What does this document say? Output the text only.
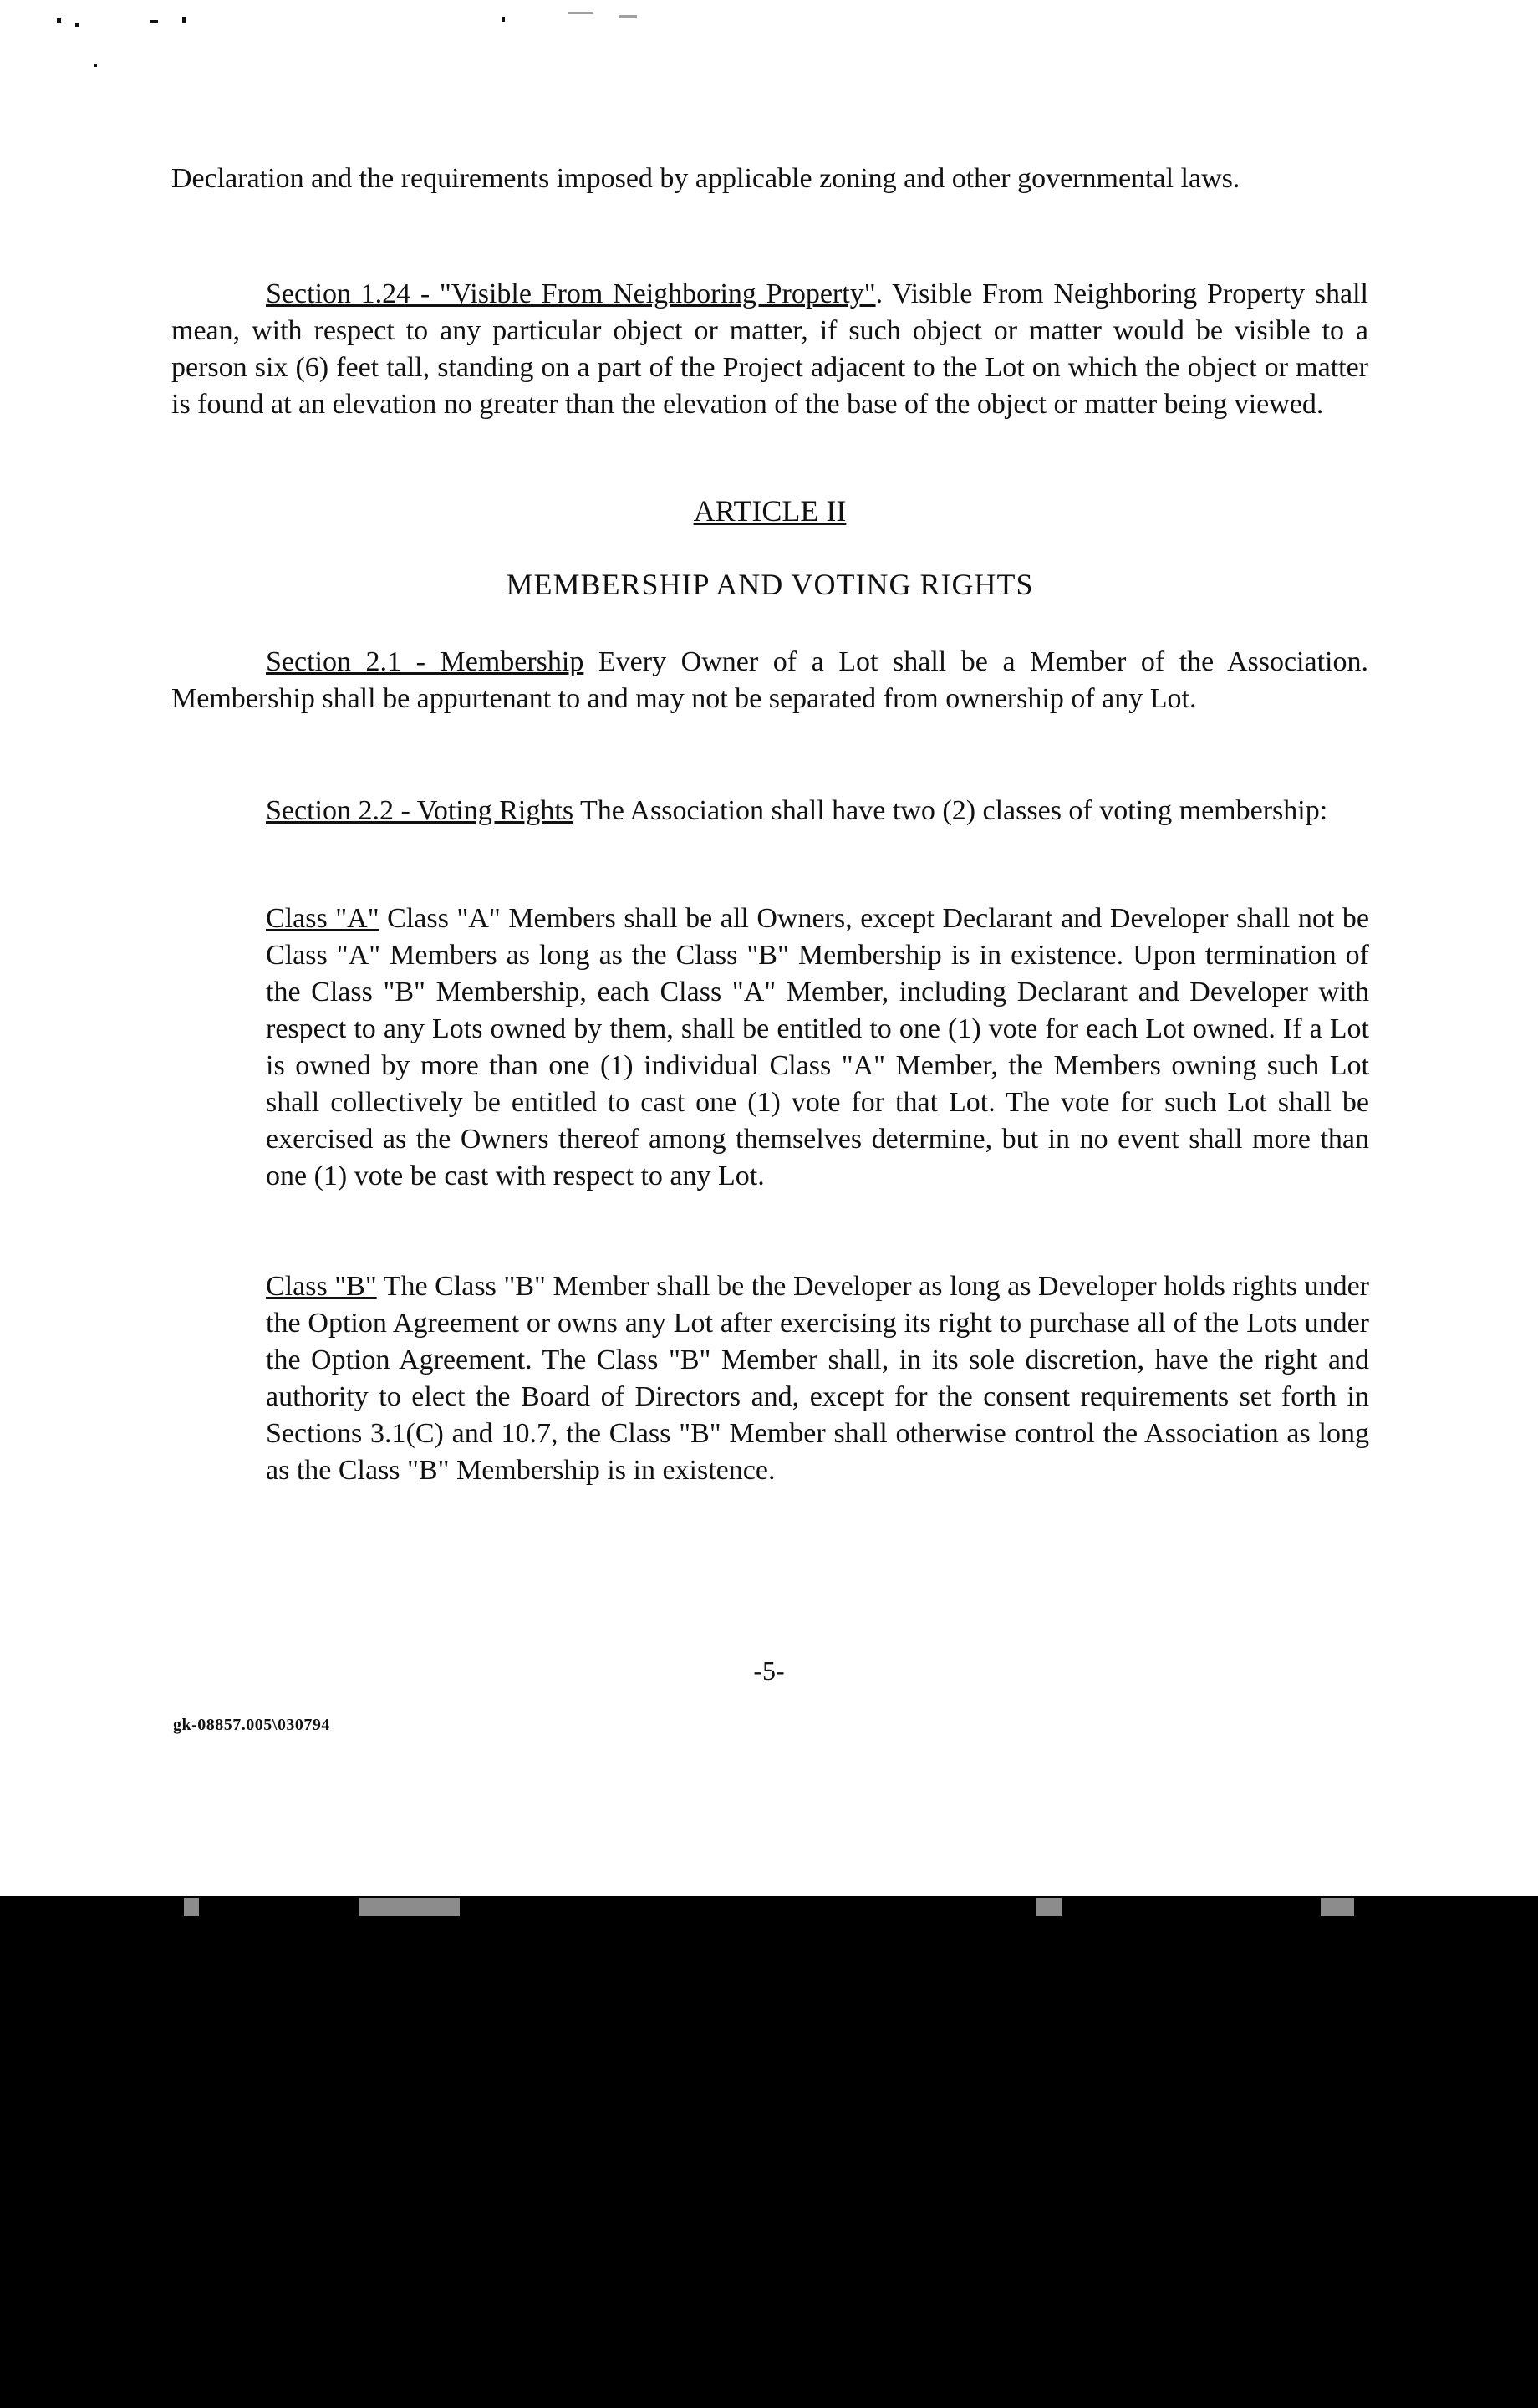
Declaration and the requirements imposed by applicable zoning and other governmental laws.

Section 1.24 - "Visible From Neighboring Property". Visible From Neighboring Property shall mean, with respect to any particular object or matter, if such object or matter would be visible to a person six (6) feet tall, standing on a part of the Project adjacent to the Lot on which the object or matter is found at an elevation no greater than the elevation of the base of the object or matter being viewed.

ARTICLE II

MEMBERSHIP AND VOTING RIGHTS

Section 2.1 - Membership Every Owner of a Lot shall be a Member of the Association. Membership shall be appurtenant to and may not be separated from ownership of any Lot.

Section 2.2 - Voting Rights The Association shall have two (2) classes of voting membership:

Class "A" Class "A" Members shall be all Owners, except Declarant and Developer shall not be Class "A" Members as long as the Class "B" Membership is in existence. Upon termination of the Class "B" Membership, each Class "A" Member, including Declarant and Developer with respect to any Lots owned by them, shall be entitled to one (1) vote for each Lot owned. If a Lot is owned by more than one (1) individual Class "A" Member, the Members owning such Lot shall collectively be entitled to cast one (1) vote for that Lot. The vote for such Lot shall be exercised as the Owners thereof among themselves determine, but in no event shall more than one (1) vote be cast with respect to any Lot.

Class "B" The Class "B" Member shall be the Developer as long as Developer holds rights under the Option Agreement or owns any Lot after exercising its right to purchase all of the Lots under the Option Agreement. The Class "B" Member shall, in its sole discretion, have the right and authority to elect the Board of Directors and, except for the consent requirements set forth in Sections 3.1(C) and 10.7, the Class "B" Member shall otherwise control the Association as long as the Class "B" Membership is in existence.

-5-
gk-08857.005\030794
